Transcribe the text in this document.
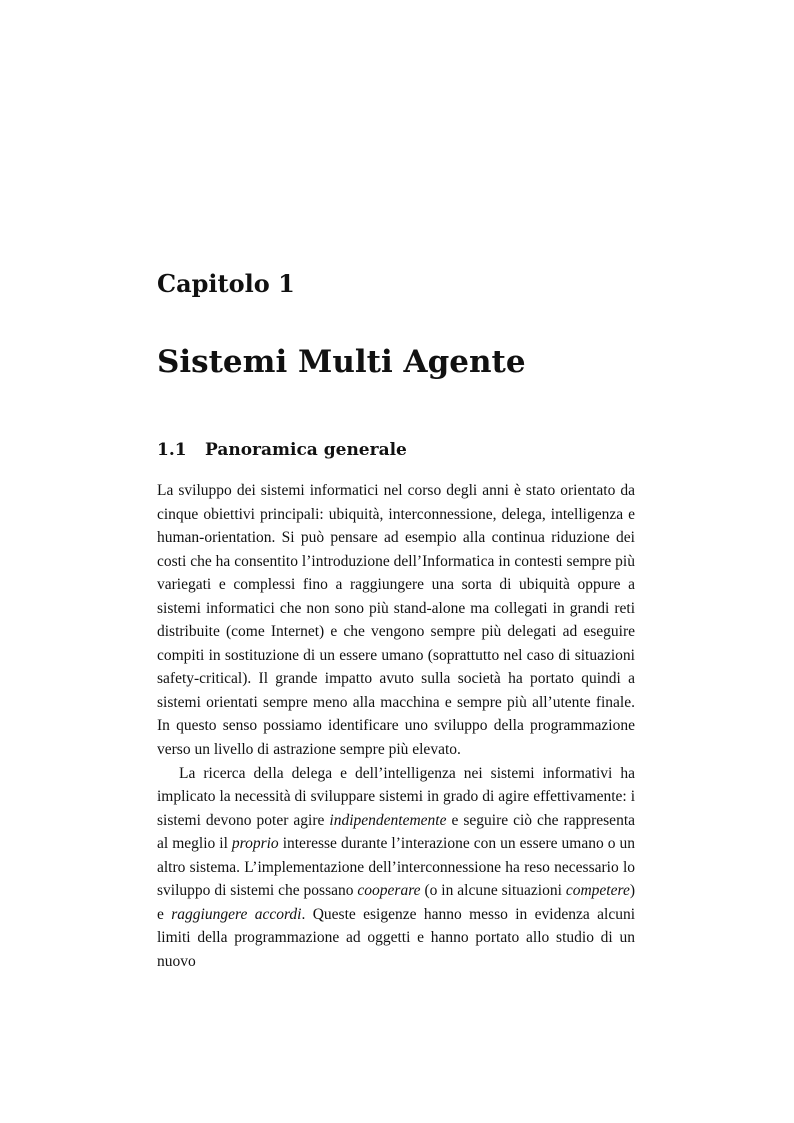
Capitolo 1
Sistemi Multi Agente
1.1 Panoramica generale

La sviluppo dei sistemi informatici nel corso degli anni è stato orientato da cinque obiettivi principali: ubiquità, interconnessione, delega, intelligenza e human-orientation. Si può pensare ad esempio alla continua riduzione dei costi che ha consentito l’introduzione dell’Informatica in contesti sempre più variegati e complessi fino a raggiungere una sorta di ubiquità oppure a sistemi informatici che non sono più stand-alone ma collegati in grandi reti distribuite (come Internet) e che vengono sempre più delegati ad eseguire compiti in sostituzione di un essere umano (soprattutto nel caso di situazioni safety-critical). Il grande impatto avuto sulla società ha portato quindi a sistemi orientati sempre meno alla macchina e sempre più all’utente finale. In questo senso possiamo identificare uno sviluppo della programmazione verso un livello di astrazione sempre più elevato.

La ricerca della delega e dell’intelligenza nei sistemi informativi ha implicato la necessità di sviluppare sistemi in grado di agire effettivamente: i sistemi devono poter agire indipendentemente e seguire ciò che rappresenta al meglio il proprio interesse durante l’interazione con un essere umano o un altro sistema. L’implementazione dell’interconnessione ha reso necessario lo sviluppo di sistemi che possano cooperare (o in alcune situazioni competere) e raggiungere accordi. Queste esigenze hanno messo in evidenza alcuni limiti della programmazione ad oggetti e hanno portato allo studio di un nuovo
